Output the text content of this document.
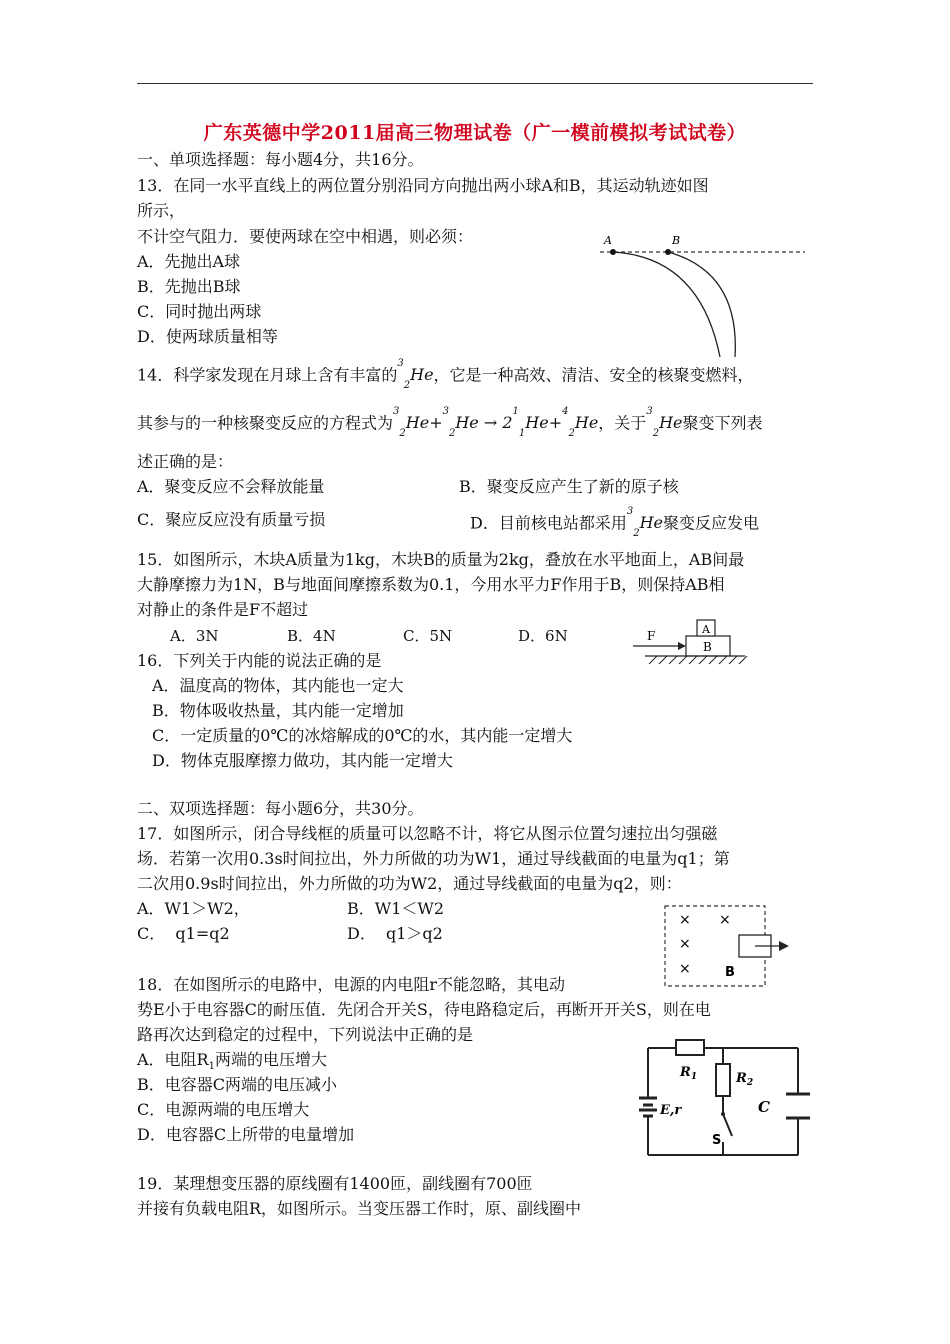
广东英德中学2011届高三物理试卷（广一模前模拟考试试卷）
一、单项选择题：每小题4分，共16分。
13．在同一水平直线上的两位置分别沿同方向抛出两小球A和B，其运动轨迹如图
所示，
不计空气阻力．要使两球在空中相遇，则必须：
A．先抛出A球
B．先抛出B球
C．同时抛出两球
D．使两球质量相等
A	B
14．科学家发现在月球上含有丰富的$^3_2$He，它是一种高效、清洁、安全的核聚变燃料，
其参与的一种核聚变反应的方程式为$^3_2He+^3_2He \to 2^1_1He+^4_2He$，关于$^3_2$He聚变下列表
述正确的是：
A．聚变反应不会释放能量	B．聚变反应产生了新的原子核
C．聚应反应没有质量亏损	D．目前核电站都采用$^3_2$He聚变反应发电
15．如图所示，木块A质量为1kg，木块B的质量为2kg，叠放在水平地面上，AB间最
大静摩擦力为1N，B与地面间摩擦系数为0.1，今用水平力F作用于B，则保持AB相
对静止的条件是F不超过
A．3N	B．4N	C．5N	D．6N	F	A
B
16．下列关于内能的说法正确的是
A．温度高的物体，其内能也一定大
B．物体吸收热量，其内能一定增加
C．一定质量的0℃的冰熔解成的0℃的水，其内能一定增大
D．物体克服摩擦力做功，其内能一定增大
二、双项选择题：每小题6分，共30分。
17．如图所示，闭合导线框的质量可以忽略不计，将它从图示位置匀速拉出匀强磁
场．若第一次用0.3s时间拉出，外力所做的功为W1，通过导线截面的电量为q1；第
二次用0.9s时间拉出，外力所做的功为W2，通过导线截面的电量为q2，则：
A．W1＞W2，	B．W1＜W2
C．  q1=q2	D．  q1＞q2
× ×
×
×	B
18．在如图所示的电路中，电源的内电阻r不能忽略，其电动
势E小于电容器C的耐压值．先闭合开关S，待电路稳定后，再断开开关S，则在电
路再次达到稳定的过程中，下列说法中正确的是
A．电阻$R_1$两端的电压增大
B．电容器C两端的电压减小
C．电源两端的电压增大
D．电容器C上所带的电量增加
$R_1$	$R_2$
E,r	C
S
19．某理想变压器的原线圈有1400匝，副线圈有700匝
并接有负载电阻R，如图所示。当变压器工作时，原、副线圈中
